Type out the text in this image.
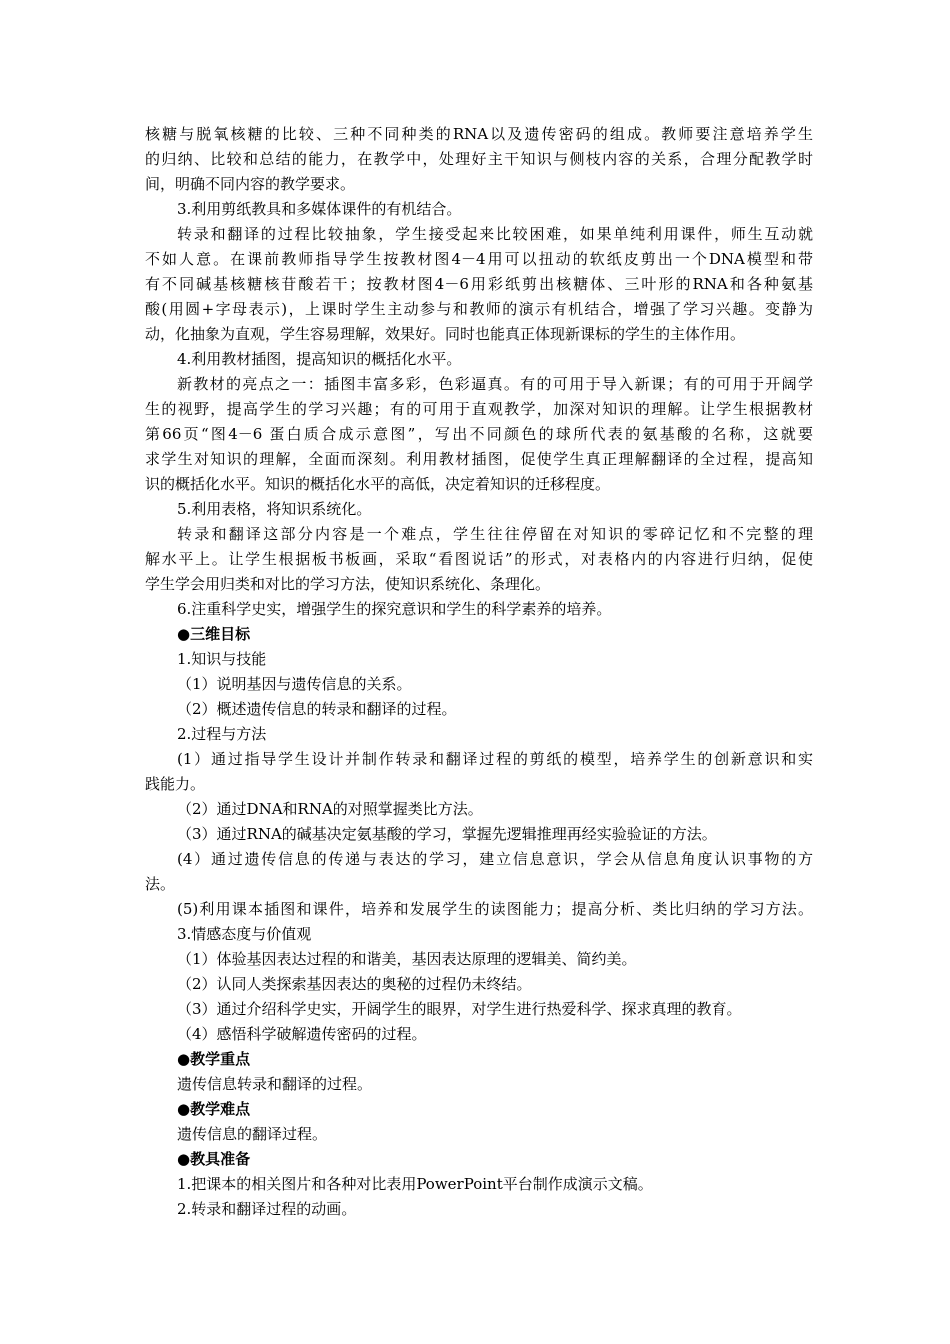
核糖与脱氧核糖的比较、三种不同种类的RNA以及遗传密码的组成。教师要注意培养学生
的归纳、比较和总结的能力，在教学中，处理好主干知识与侧枝内容的关系，合理分配教学时
间，明确不同内容的教学要求。
3.利用剪纸教具和多媒体课件的有机结合。
转录和翻译的过程比较抽象，学生接受起来比较困难，如果单纯利用课件，师生互动就
不如人意。在课前教师指导学生按教材图4－4用可以扭动的软纸皮剪出一个DNA模型和带
有不同碱基核糖核苷酸若干；按教材图4－6用彩纸剪出核糖体、三叶形的RNA和各种氨基
酸(用圆+字母表示)，上课时学生主动参与和教师的演示有机结合，增强了学习兴趣。变静为
动，化抽象为直观，学生容易理解，效果好。同时也能真正体现新课标的学生的主体作用。
4.利用教材插图，提高知识的概括化水平。
新教材的亮点之一：插图丰富多彩，色彩逼真。有的可用于导入新课；有的可用于开阔学
生的视野，提高学生的学习兴趣；有的可用于直观教学，加深对知识的理解。让学生根据教材
第66页“图4－6 蛋白质合成示意图”，写出不同颜色的球所代表的氨基酸的名称，这就要
求学生对知识的理解，全面而深刻。利用教材插图，促使学生真正理解翻译的全过程，提高知
识的概括化水平。知识的概括化水平的高低，决定着知识的迁移程度。
5.利用表格，将知识系统化。
转录和翻译这部分内容是一个难点，学生往往停留在对知识的零碎记忆和不完整的理
解水平上。让学生根据板书板画，采取“看图说话”的形式，对表格内的内容进行归纳，促使
学生学会用归类和对比的学习方法，使知识系统化、条理化。
6.注重科学史实，增强学生的探究意识和学生的科学素养的培养。
●三维目标
1.知识与技能
（1）说明基因与遗传信息的关系。
（2）概述遗传信息的转录和翻译的过程。
2.过程与方法
(1）通过指导学生设计并制作转录和翻译过程的剪纸的模型，培养学生的创新意识和实
践能力。
（2）通过DNA和RNA的对照掌握类比方法。
（3）通过RNA的碱基决定氨基酸的学习，掌握先逻辑推理再经实验验证的方法。
(4）通过遗传信息的传递与表达的学习，建立信息意识，学会从信息角度认识事物的方
法。
(5)利用课本插图和课件，培养和发展学生的读图能力；提高分析、类比归纳的学习方法。
3.情感态度与价值观
（1）体验基因表达过程的和谐美，基因表达原理的逻辑美、简约美。
（2）认同人类探索基因表达的奥秘的过程仍未终结。
（3）通过介绍科学史实，开阔学生的眼界，对学生进行热爱科学、探求真理的教育。
（4）感悟科学破解遗传密码的过程。
●教学重点
遗传信息转录和翻译的过程。
●教学难点
遗传信息的翻译过程。
●教具准备
1.把课本的相关图片和各种对比表用PowerPoint平台制作成演示文稿。
2.转录和翻译过程的动画。
